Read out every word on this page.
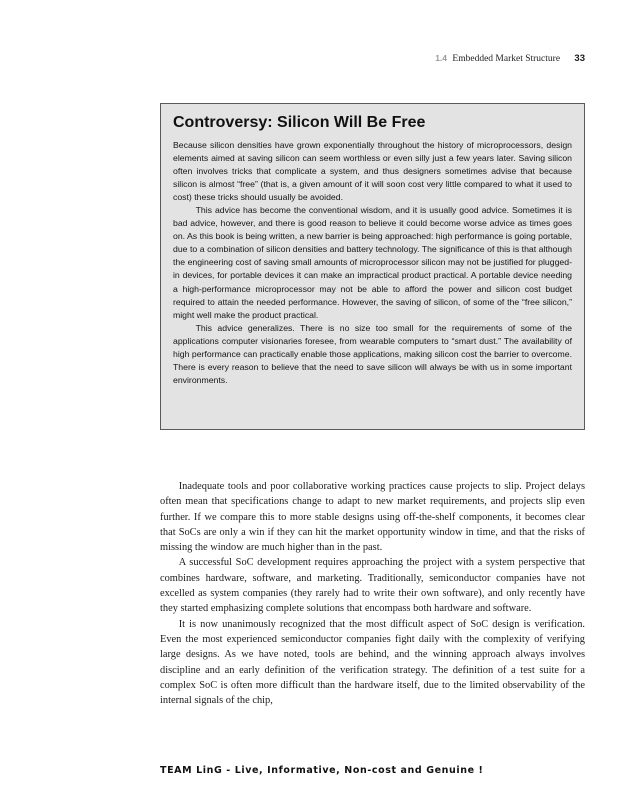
1.4 Embedded Market Structure 33
Controversy: Silicon Will Be Free

Because silicon densities have grown exponentially throughout the history of microprocessors, design elements aimed at saving silicon can seem worthless or even silly just a few years later. Saving silicon often involves tricks that complicate a system, and thus designers sometimes advise that because silicon is almost “free” (that is, a given amount of it will soon cost very little compared to what it used to cost) these tricks should usually be avoided.

This advice has become the conventional wisdom, and it is usually good advice. Sometimes it is bad advice, however, and there is good reason to believe it could become worse advice as times goes on. As this book is being written, a new barrier is being approached: high performance is going portable, due to a combination of silicon densities and battery technology. The significance of this is that although the engineering cost of saving small amounts of microprocessor silicon may not be justified for plugged-in devices, for portable devices it can make an impractical product practical. A portable device needing a high-performance microprocessor may not be able to afford the power and silicon cost budget required to attain the needed performance. However, the saving of silicon, of some of the “free silicon,” might well make the product practical.

This advice generalizes. There is no size too small for the requirements of some of the applications computer visionaries foresee, from wearable computers to “smart dust.” The availability of high performance can practically enable those applications, making silicon cost the barrier to overcome. There is every reason to believe that the need to save silicon will always be with us in some important environments.

Inadequate tools and poor collaborative working practices cause projects to slip. Project delays often mean that specifications change to adapt to new market requirements, and projects slip even further. If we compare this to more stable designs using off-the-shelf components, it becomes clear that SoCs are only a win if they can hit the market opportunity window in time, and that the risks of missing the window are much higher than in the past.

A successful SoC development requires approaching the project with a system perspective that combines hardware, software, and marketing. Traditionally, semiconductor companies have not excelled as system companies (they rarely had to write their own software), and only recently have they started emphasizing complete solutions that encompass both hardware and software.

It is now unanimously recognized that the most difficult aspect of SoC design is verification. Even the most experienced semiconductor companies fight daily with the complexity of verifying large designs. As we have noted, tools are behind, and the winning approach always involves discipline and an early definition of the verification strategy. The definition of a test suite for a complex SoC is often more difficult than the hardware itself, due to the limited observability of the internal signals of the chip,

TEAM LinG - Live, Informative, Non-cost and Genuine !
